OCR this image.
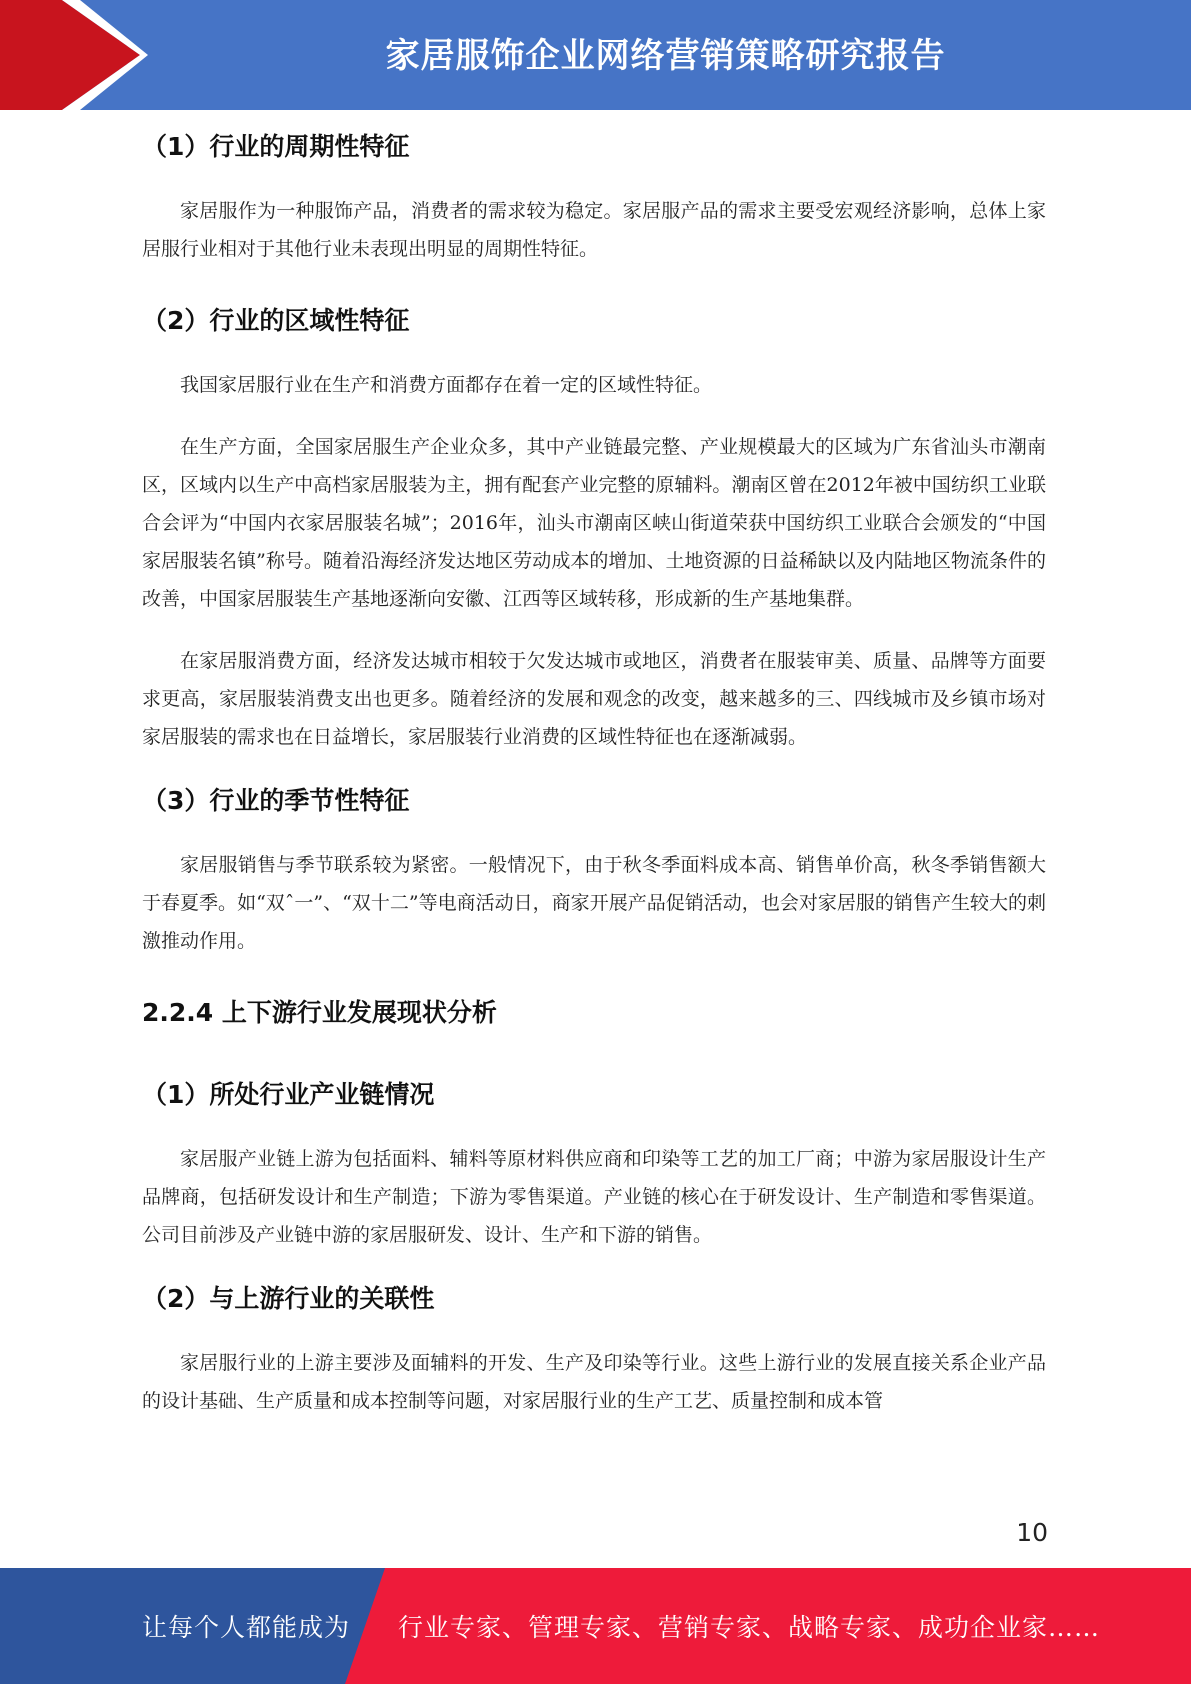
家居服饰企业网络营销策略研究报告
（1）行业的周期性特征

家居服作为一种服饰产品，消费者的需求较为稳定。家居服产品的需求主要受宏观经济影响，总体上家居服行业相对于其他行业未表现出明显的周期性特征。

（2）行业的区域性特征

我国家居服行业在生产和消费方面都存在着一定的区域性特征。

在生产方面，全国家居服生产企业众多，其中产业链最完整、产业规模最大的区域为广东省汕头市潮南区，区域内以生产中高档家居服装为主，拥有配套产业完整的原辅料。潮南区曾在2012年被中国纺织工业联合会评为“中国内衣家居服装名城”；2016年，汕头市潮南区峡山街道荣获中国纺织工业联合会颁发的“中国家居服装名镇”称号。随着沿海经济发达地区劳动成本的增加、土地资源的日益稀缺以及内陆地区物流条件的改善，中国家居服装生产基地逐渐向安徽、江西等区域转移，形成新的生产基地集群。

在家居服消费方面，经济发达城市相较于欠发达城市或地区，消费者在服装审美、质量、品牌等方面要求更高，家居服装消费支出也更多。随着经济的发展和观念的改变，越来越多的三、四线城市及乡镇市场对家居服装的需求也在日益增长，家居服装行业消费的区域性特征也在逐渐减弱。

（3）行业的季节性特征

家居服销售与季节联系较为紧密。一般情况下，由于秋冬季面料成本高、销售单价高，秋冬季销售额大于春夏季。如“双ˆ一”、“双十二”等电商活动日，商家开展产品促销活动，也会对家居服的销售产生较大的刺激推动作用。

2.2.4 上下游行业发展现状分析
（1）所处行业产业链情况

家居服产业链上游为包括面料、辅料等原材料供应商和印染等工艺的加工厂商；中游为家居服设计生产品牌商，包括研发设计和生产制造；下游为零售渠道。产业链的核心在于研发设计、生产制造和零售渠道。公司目前涉及产业链中游的家居服研发、设计、生产和下游的销售。

（2）与上游行业的关联性

家居服行业的上游主要涉及面辅料的开发、生产及印染等行业。这些上游行业的发展直接关系企业产品的设计基础、生产质量和成本控制等问题，对家居服行业的生产工艺、质量控制和成本管

10
让每个人都能成为 行业专家、管理专家、营销专家、战略专家、成功企业家……
